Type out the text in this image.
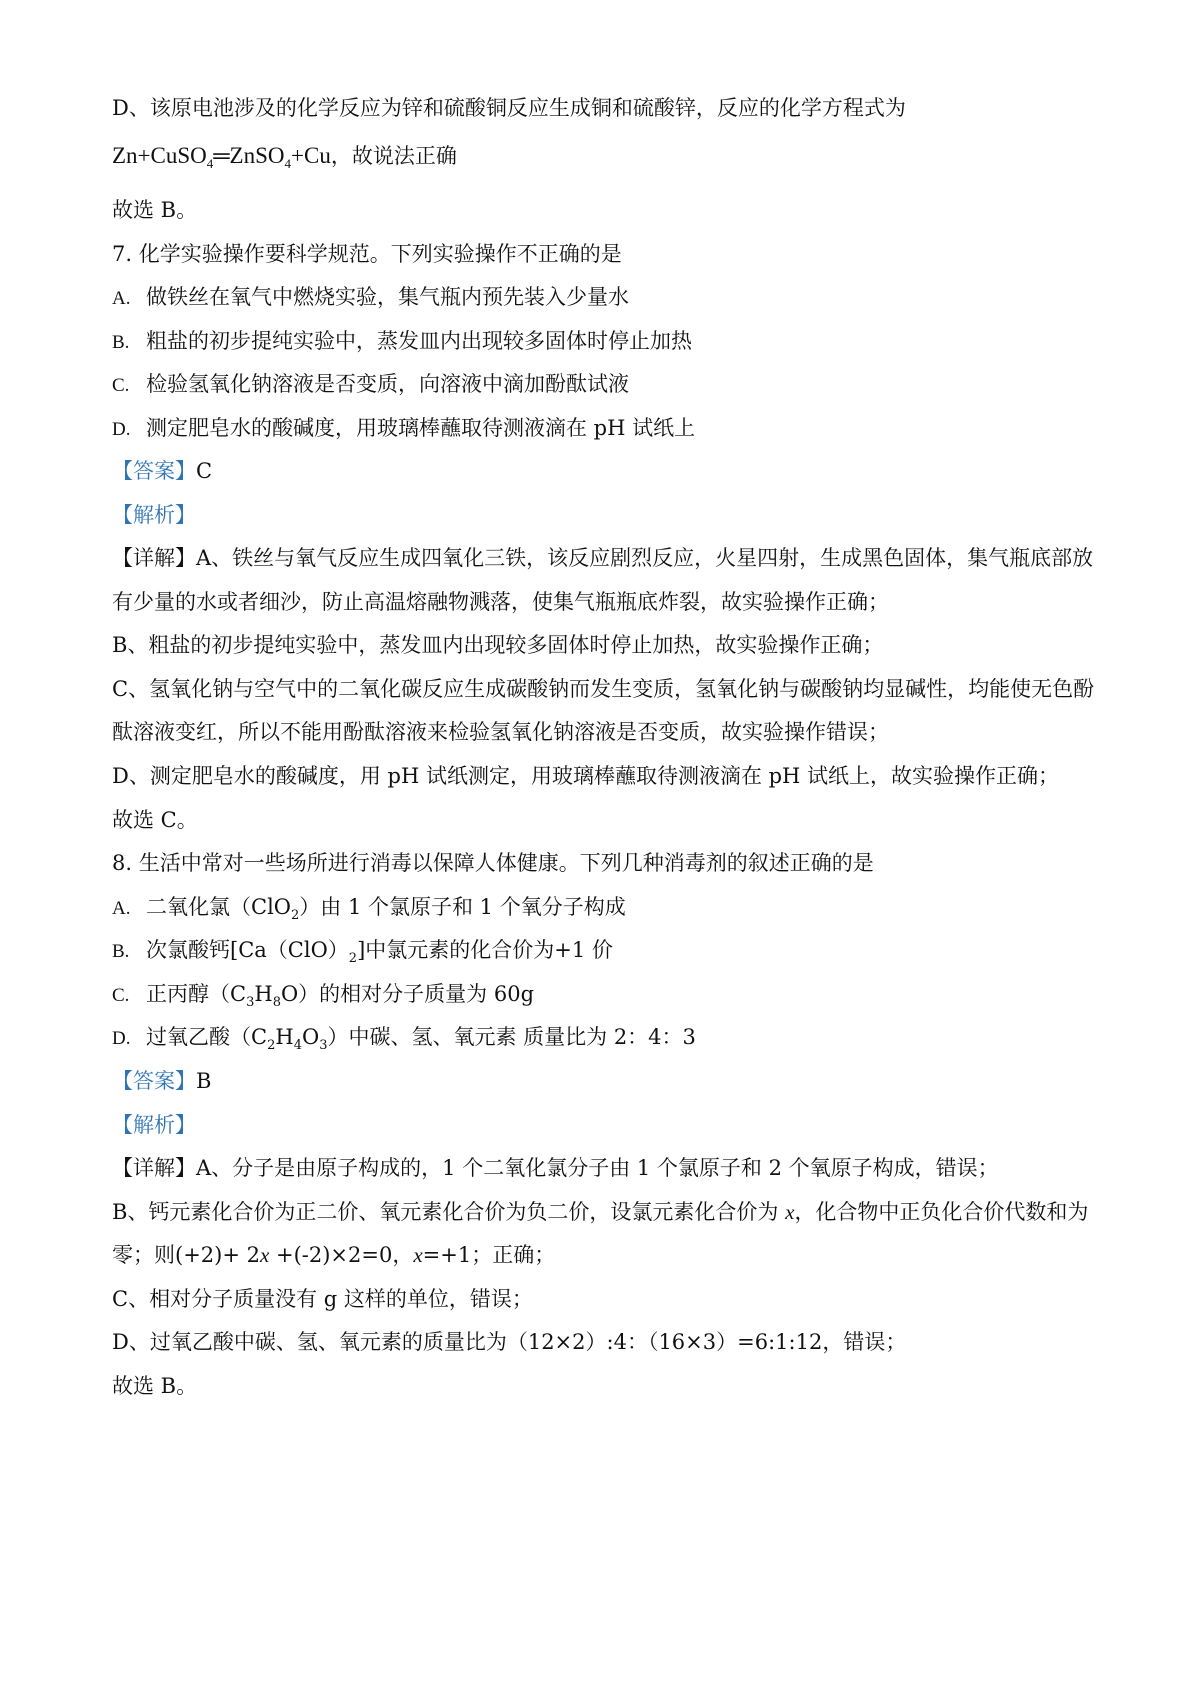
D、该原电池涉及的化学反应为锌和硫酸铜反应生成铜和硫酸锌，反应的化学方程式为
Zn+CuSO$_4$═ZnSO$_4$+Cu，故说法正确
故选 B。
7. 化学实验操作要科学规范。下列实验操作不正确的是
A. 做铁丝在氧气中燃烧实验，集气瓶内预先装入少量水
B. 粗盐的初步提纯实验中，蒸发皿内出现较多固体时停止加热
C. 检验氢氧化钠溶液是否变质，向溶液中滴加酚酞试液
D. 测定肥皂水的酸碱度，用玻璃棒蘸取待测液滴在 pH 试纸上
【答案】C
【解析】
【详解】A、铁丝与氧气反应生成四氧化三铁，该反应剧烈反应，火星四射，生成黑色固体，集气瓶底部放
有少量的水或者细沙，防止高温熔融物溅落，使集气瓶瓶底炸裂，故实验操作正确；
B、粗盐的初步提纯实验中，蒸发皿内出现较多固体时停止加热，故实验操作正确；
C、氢氧化钠与空气中的二氧化碳反应生成碳酸钠而发生变质，氢氧化钠与碳酸钠均显碱性，均能使无色酚
酞溶液变红，所以不能用酚酞溶液来检验氢氧化钠溶液是否变质，故实验操作错误；
D、测定肥皂水的酸碱度，用 pH 试纸测定，用玻璃棒蘸取待测液滴在 pH 试纸上，故实验操作正确；
故选 C。
8. 生活中常对一些场所进行消毒以保障人体健康。下列几种消毒剂的叙述正确的是
A. 二氧化氯（ClO$_2$）由 1 个氯原子和 1 个氧分子构成
B. 次氯酸钙$[Ca(ClO)_2]$中氯元素的化合价为+1 价
C. 正丙醇$(C_3H_8O)$的相对分子质量为 60g
D. 过氧乙酸$(C_2H_4O_3)$中碳、氢、氧元素 质量比为 2：4：3
【答案】B
【解析】
【详解】A、分子是由原子构成的，1 个二氧化氯分子由 1 个氯原子和 2 个氧原子构成，错误；
B、钙元素化合价为正二价、氧元素化合价为负二价，设氯元素化合价为 x，化合物中正负化合价代数和为
零；则(+2)+ 2x +(-2)×2=0，x=+1；正确；
C、相对分子质量没有 g 这样的单位，错误；
D、过氧乙酸中碳、氢、氧元素的质量比为（12×2）:4：（16×3）=6:1:12，错误；
故选 B。
